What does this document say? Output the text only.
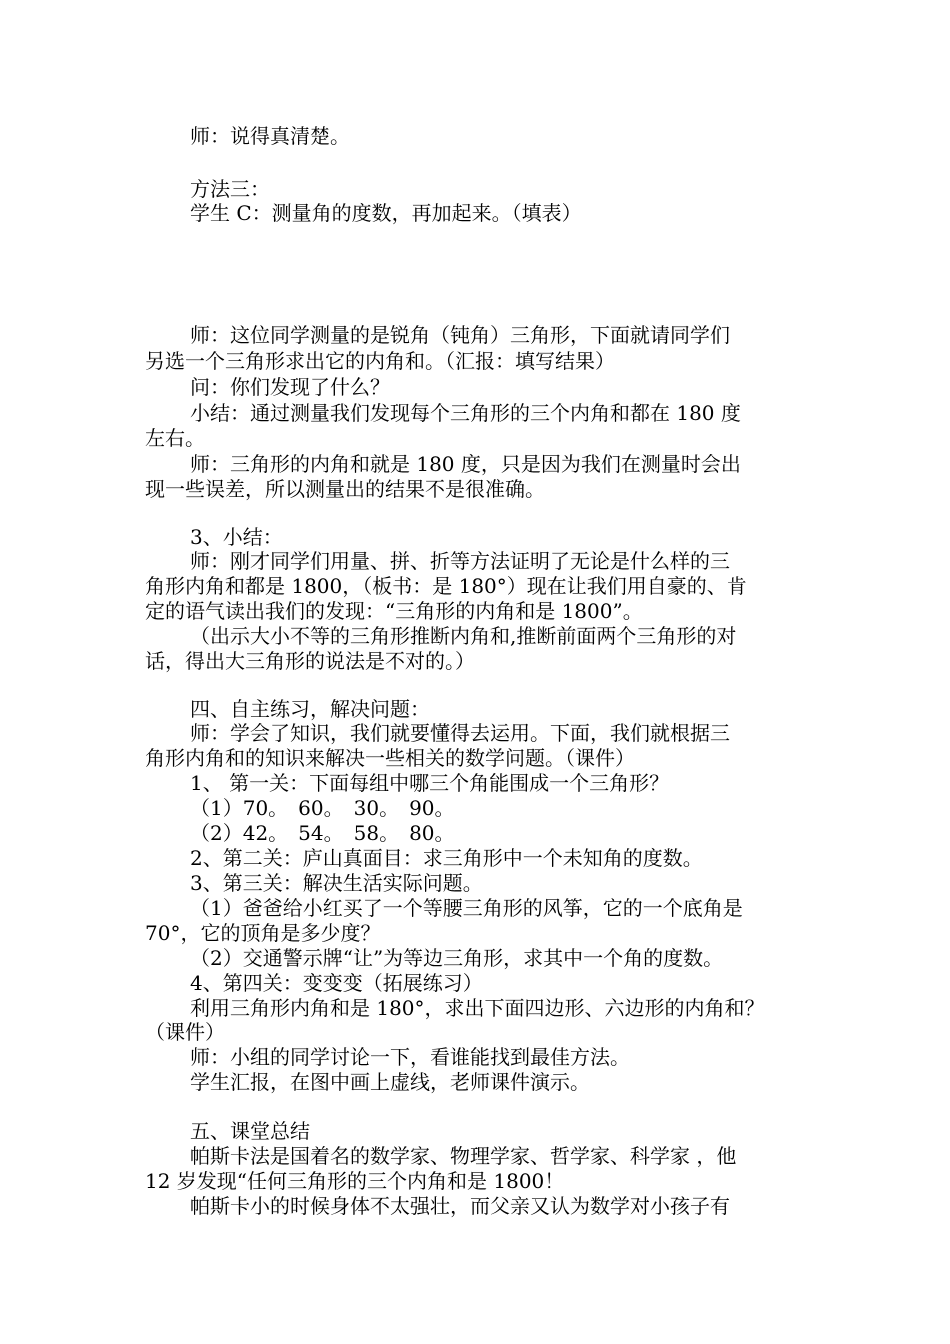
师：说得真清楚。
方法三：
学生 C：测量角的度数，再加起来。（填表）
师：这位同学测量的是锐角（钝角）三角形，下面就请同学们
另选一个三角形求出它的内角和。（汇报：填写结果）
问：你们发现了什么？
小结：通过测量我们发现每个三角形的三个内角和都在 180 度
左右。
师：三角形的内角和就是 180 度，只是因为我们在测量时会出
现一些误差，所以测量出的结果不是很准确。
3、小结：
师：刚才同学们用量、拼、折等方法证明了无论是什么样的三
角形内角和都是 1800，（板书：是 180°）现在让我们用自豪的、肯
定的语气读出我们的发现：“三角形的内角和是 1800”。
（出示大小不等的三角形推断内角和,推断前面两个三角形的对
话，得出大三角形的说法是不对的。）
四、自主练习，解决问题：
师：学会了知识，我们就要懂得去运用。下面，我们就根据三
角形内角和的知识来解决一些相关的数学问题。（课件）
1、 第一关：下面每组中哪三个角能围成一个三角形？
（1）70。　60。　30。　90。
（2）42。　54。　58。　80。
2、第二关：庐山真面目：求三角形中一个未知角的度数。
3、第三关：解决生活实际问题。
（1）爸爸给小红买了一个等腰三角形的风筝，它的一个底角是
70°，它的顶角是多少度？
（2）交通警示牌“让”为等边三角形，求其中一个角的度数。
4、第四关：变变变（拓展练习）
利用三角形内角和是 180°，求出下面四边形、六边形的内角和？
（课件）
师：小组的同学讨论一下，看谁能找到最佳方法。
学生汇报，在图中画上虚线，老师课件演示。
五、课堂总结
帕斯卡法是国着名的数学家、物理学家、哲学家、科学家 ，他
12 岁发现“任何三角形的三个内角和是 1800！
帕斯卡小的时候身体不太强壮，而父亲又认为数学对小孩子有
